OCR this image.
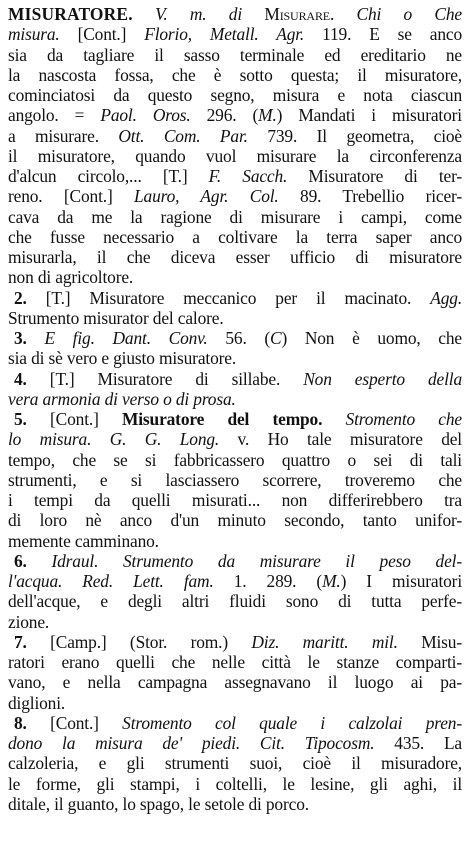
MISURATORE. V. m. di Misurare. Chi o Che
misura. [Cont.] Florio, Metall. Agr. 119. E se anco
sia da tagliare il sasso terminale ed ereditario ne
la nascosta fossa, che è sotto questa; il misuratore,
cominciatosi da questo segno, misura e nota ciascun
angolo. = Paol. Oros. 296. (M.) Mandati i misuratori
a misurare. Ott. Com. Par. 739. Il geometra, cioè
il misuratore, quando vuol misurare la circonferenza
d'alcun circolo,... [T.] F. Sacch. Misuratore di ter-
reno. [Cont.] Lauro, Agr. Col. 89. Trebellio ricer-
cava da me la ragione di misurare i campi, come
che fusse necessario a coltivare la terra saper anco
misurarla, il che diceva esser ufficio di misuratore
non di agricoltore.
2. [T.] Misuratore meccanico per il macinato. Agg.
Strumento misurator del calore.
3. E fig. Dant. Conv. 56. (C) Non è uomo, che
sia di sè vero e giusto misuratore.
4. [T.] Misuratore di sillabe. Non esperto della
vera armonia di verso o di prosa.
5. [Cont.] Misuratore del tempo. Stromento che
lo misura. G. G. Long. v. Ho tale misuratore del
tempo, che se si fabbricassero quattro o sei di tali
strumenti, e si lasciassero scorrere, troveremo che
i tempi da quelli misurati... non differirebbero tra
di loro nè anco d'un minuto secondo, tanto unifor-
memente camminano.
6. Idraul. Strumento da misurare il peso del-
l'acqua. Red. Lett. fam. 1. 289. (M.) I misuratori
dell'acque, e degli altri fluidi sono di tutta perfe-
zione.
7. [Camp.] (Stor. rom.) Diz. maritt. mil. Misu-
ratori erano quelli che nelle città le stanze comparti-
vano, e nella campagna assegnavano il luogo ai pa-
diglioni.
8. [Cont.] Stromento col quale i calzolai pren-
dono la misura de' piedi. Cit. Tipocosm. 435. La
calzoleria, e gli strumenti suoi, cioè il misuradore,
le forme, gli stampi, i coltelli, le lesine, gli aghi, il
ditale, il guanto, lo spago, le setole di porco.
